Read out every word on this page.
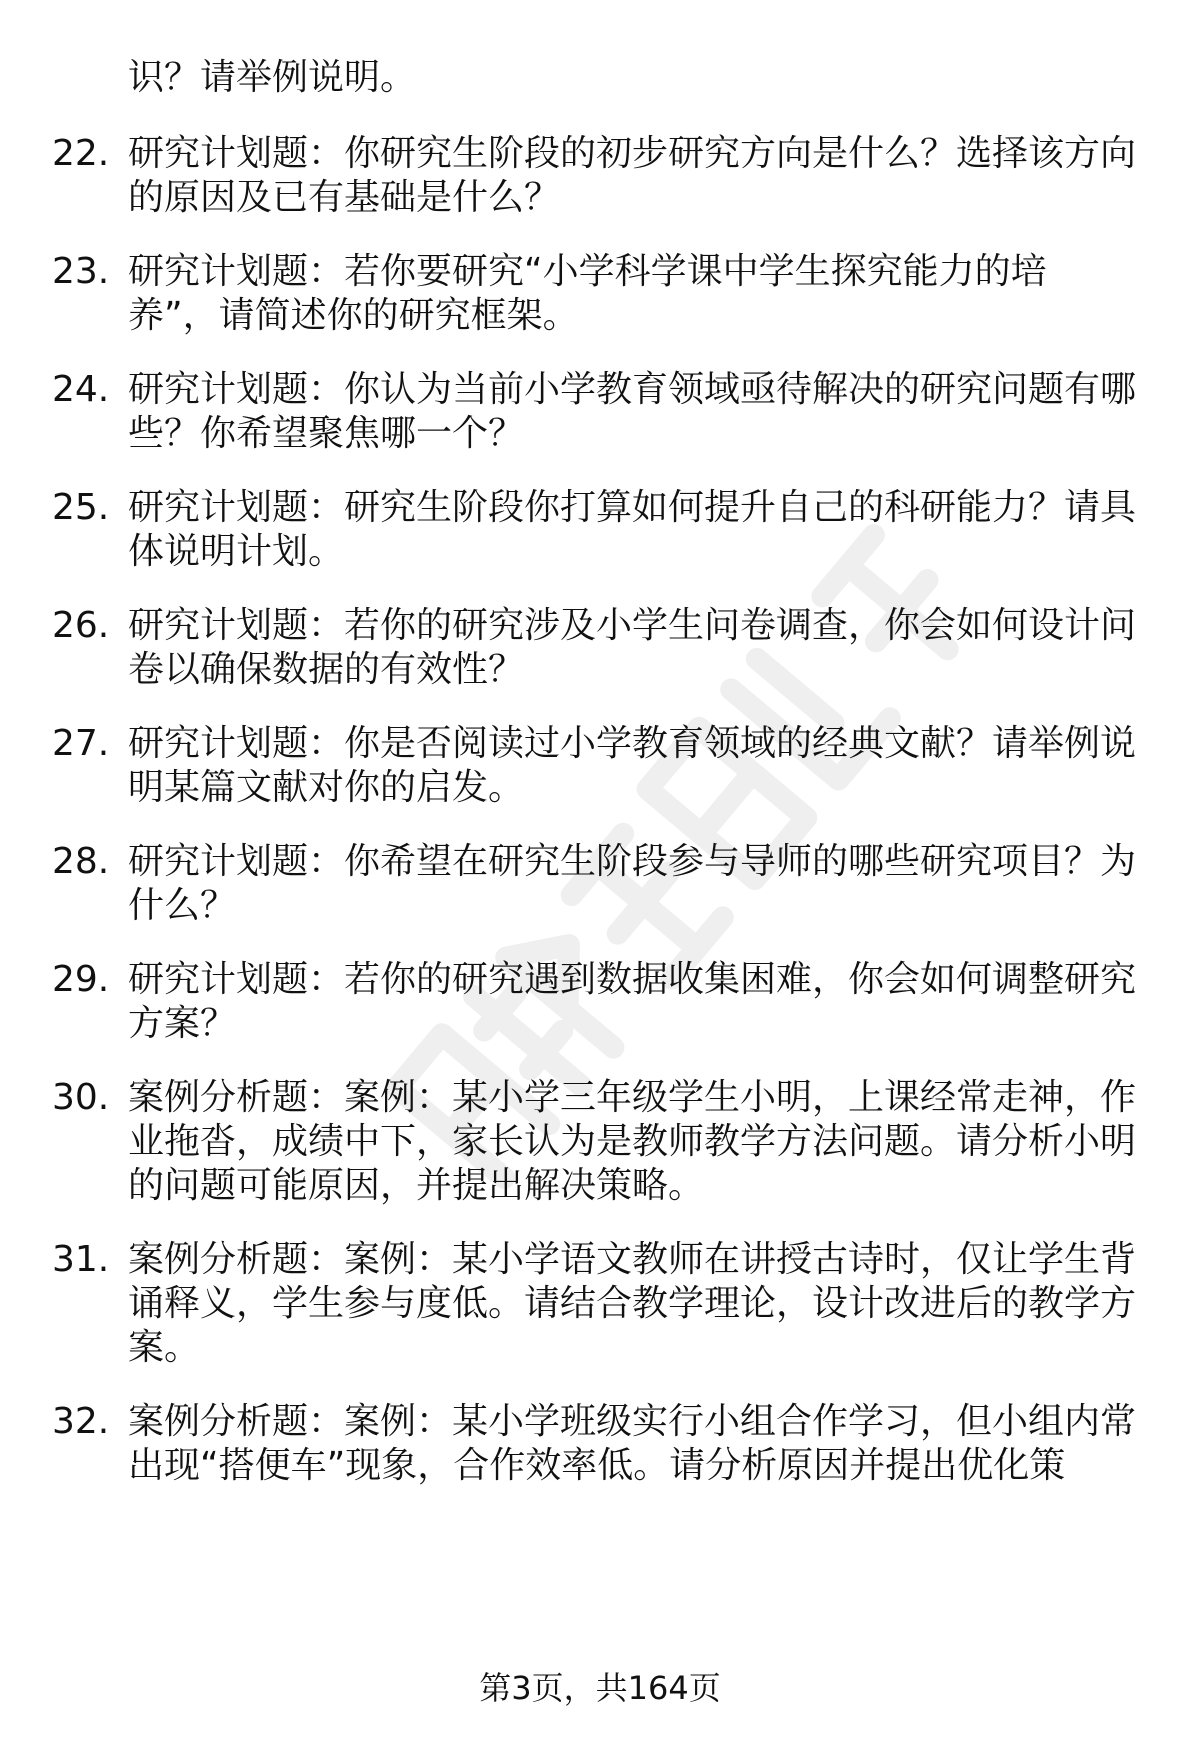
识？请举例说明。
22. 研究计划题：你研究生阶段的初步研究方向是什么？选择该方向
的原因及已有基础是什么？
23. 研究计划题：若你要研究“小学科学课中学生探究能力的培
养”，请简述你的研究框架。
24. 研究计划题：你认为当前小学教育领域亟待解决的研究问题有哪
些？你希望聚焦哪一个？
25. 研究计划题：研究生阶段你打算如何提升自己的科研能力？请具
体说明计划。
26. 研究计划题：若你的研究涉及小学生问卷调查，你会如何设计问
卷以确保数据的有效性？
27. 研究计划题：你是否阅读过小学教育领域的经典文献？请举例说
明某篇文献对你的启发。
28. 研究计划题：你希望在研究生阶段参与导师的哪些研究项目？为
什么？
29. 研究计划题：若你的研究遇到数据收集困难，你会如何调整研究
方案？
30. 案例分析题：案例：某小学三年级学生小明，上课经常走神，作
业拖沓，成绩中下，家长认为是教师教学方法问题。请分析小明
的问题可能原因，并提出解决策略。
31. 案例分析题：案例：某小学语文教师在讲授古诗时，仅让学生背
诵释义，学生参与度低。请结合教学理论，设计改进后的教学方
案。
32. 案例分析题：案例：某小学班级实行小组合作学习，但小组内常
出现“搭便车”现象，合作效率低。请分析原因并提出优化策
第3页，共164页
